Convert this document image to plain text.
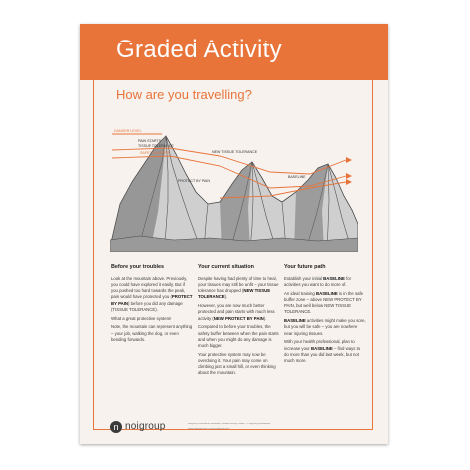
Graded Activity
How are you travelling?
DANGER LEVEL
PAIN STARTS
TISSUE TOLERANCE
SAFETY BUFFER
PROTECT BY PAIN
NEW TISSUE TOLERANCE
BASELINE
Before your troubles

Look at the mountain above. Previously, you could have explored it easily. But if you pushed too hard towards the peak, pain would have protected you (PROTECT BY PAIN) before you did any damage (TISSUE TOLERANCE).

What a great protective system!

Note, the mountain can represent anything – your job, walking the dog, or even bending forwards.

Your current situation

Despite having had plenty of time to heal, your tissues may still be unfit – your tissue tolerance has dropped (NEW TISSUE TOLERANCE).

However, you are now much better protected and pain starts with much less activity (NEW PROTECT BY PAIN).

Compared to before your troubles, the safety buffer between when the pain starts and when you might do any damage is much bigger.

Your protective system may now be overdoing it. Your pain may come on climbing just a small hill, or even thinking about the mountain.

Your future path

Establish your initial BASELINE for activities you want to do more of.

An ideal training BASELINE is in the safe buffer zone – above NEW PROTECT BY PAIN, but well below NEW TISSUE TOLERANCE.

BASELINE activities might make you sore, but you will be safe – you are nowhere near injuring tissues.

With your health professional, plan to increase your BASELINE – find ways to do more than you did last week, but not much more.

n noigroup	Noigroup Publications Australia | Graded Activity Poster | © noigroup publications
www.noigroup.com | info@noigroup.com
